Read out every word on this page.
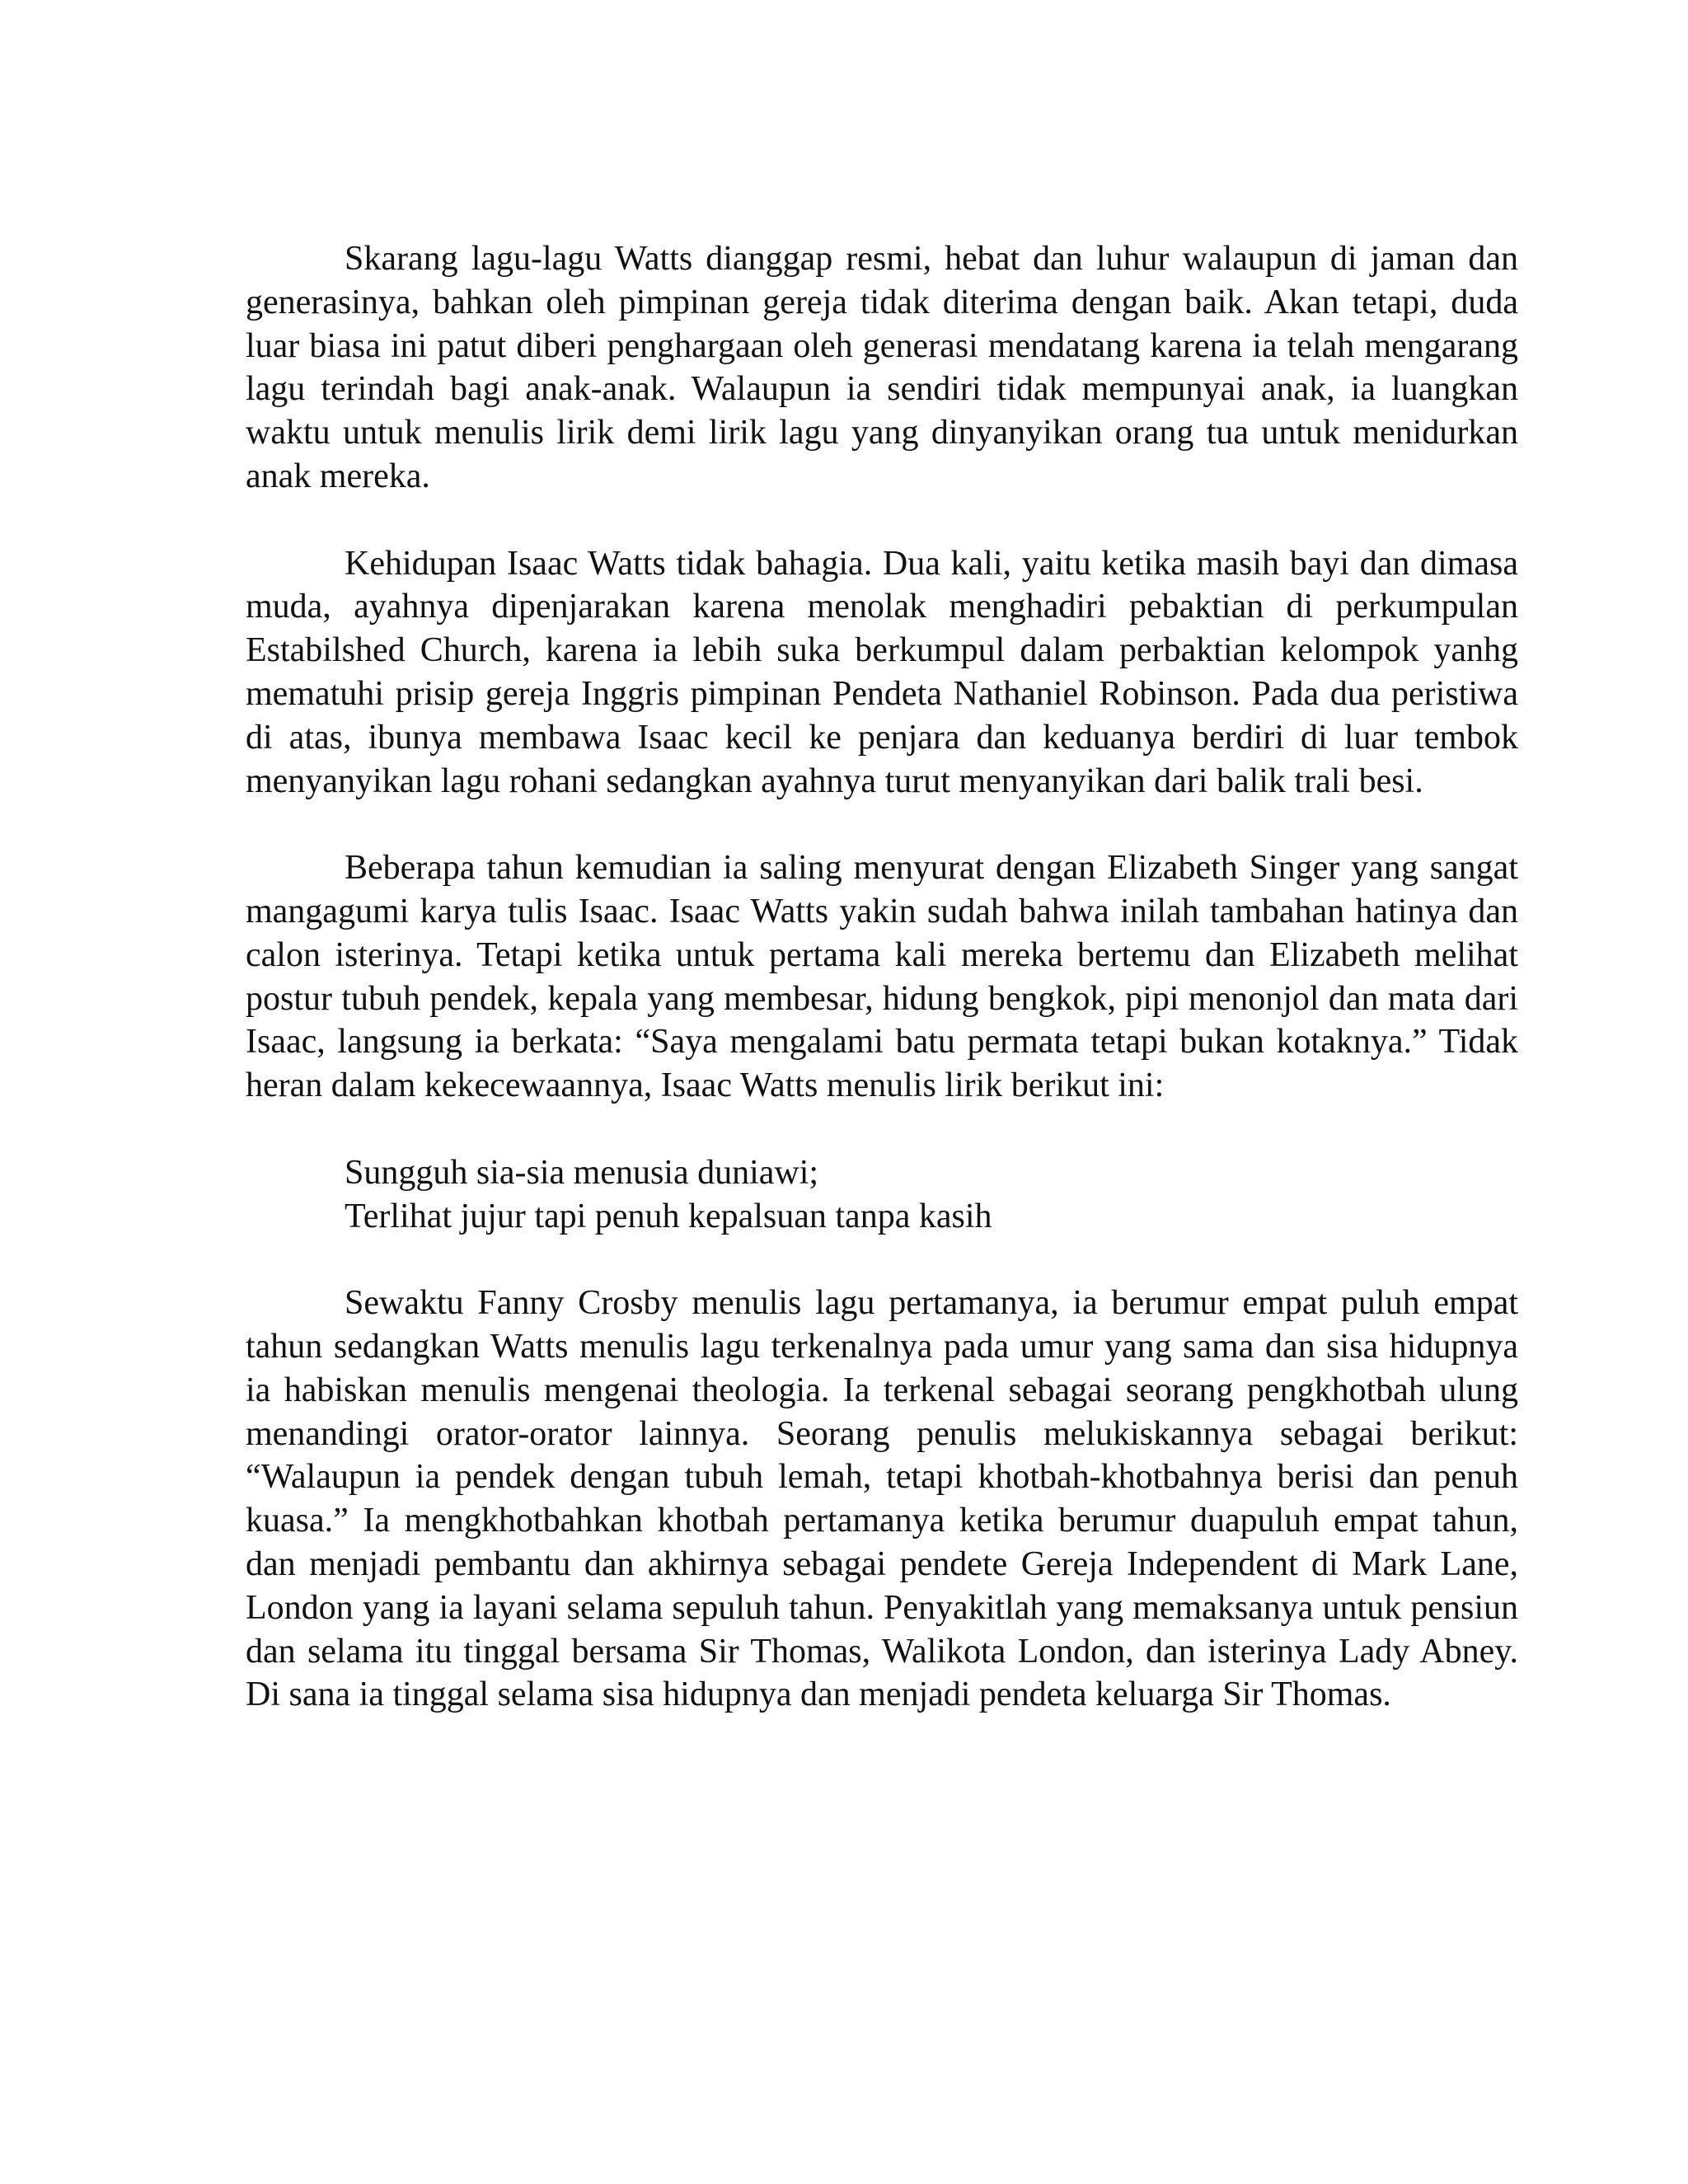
Skarang lagu-lagu Watts dianggap resmi, hebat dan luhur walaupun di jaman dan generasinya, bahkan oleh pimpinan gereja tidak diterima dengan baik. Akan tetapi, duda luar biasa ini patut diberi penghargaan oleh generasi mendatang karena ia telah mengarang lagu terindah bagi anak-anak. Walaupun ia sendiri tidak mempunyai anak, ia luangkan waktu untuk menulis lirik demi lirik lagu yang dinyanyikan orang tua untuk menidurkan anak mereka.

Kehidupan Isaac Watts tidak bahagia. Dua kali, yaitu ketika masih bayi dan dimasa muda, ayahnya dipenjarakan karena menolak menghadiri pebaktian di perkumpulan Estabilshed Church, karena ia lebih suka berkumpul dalam perbaktian kelompok yanhg mematuhi prisip gereja Inggris pimpinan Pendeta Nathaniel Robinson. Pada dua peristiwa di atas, ibunya membawa Isaac kecil ke penjara dan keduanya berdiri di luar tembok menyanyikan lagu rohani sedangkan ayahnya turut menyanyikan dari balik trali besi.

Beberapa tahun kemudian ia saling menyurat dengan Elizabeth Singer yang sangat mangagumi karya tulis Isaac. Isaac Watts yakin sudah bahwa inilah tambahan hatinya dan calon isterinya. Tetapi ketika untuk pertama kali mereka bertemu dan Elizabeth melihat postur tubuh pendek, kepala yang membesar, hidung bengkok, pipi menonjol dan mata dari Isaac, langsung ia berkata: “Saya mengalami batu permata tetapi bukan kotaknya.” Tidak heran dalam kekecewaannya, Isaac Watts menulis lirik berikut ini:

Sungguh sia-sia menusia duniawi;
Terlihat jujur tapi penuh kepalsuan tanpa kasih

Sewaktu Fanny Crosby menulis lagu pertamanya, ia berumur empat puluh empat tahun sedangkan Watts menulis lagu terkenalnya pada umur yang sama dan sisa hidupnya ia habiskan menulis mengenai theologia. Ia terkenal sebagai seorang pengkhotbah ulung menandingi orator-orator lainnya. Seorang penulis melukiskannya sebagai berikut: “Walaupun ia pendek dengan tubuh lemah, tetapi khotbah-khotbahnya berisi dan penuh kuasa.” Ia mengkhotbahkan khotbah pertamanya ketika berumur duapuluh empat tahun, dan menjadi pembantu dan akhirnya sebagai pendete Gereja Independent di Mark Lane, London yang ia layani selama sepuluh tahun. Penyakitlah yang memaksanya untuk pensiun dan selama itu tinggal bersama Sir Thomas, Walikota London, dan isterinya Lady Abney. Di sana ia tinggal selama sisa hidupnya dan menjadi pendeta keluarga Sir Thomas.
